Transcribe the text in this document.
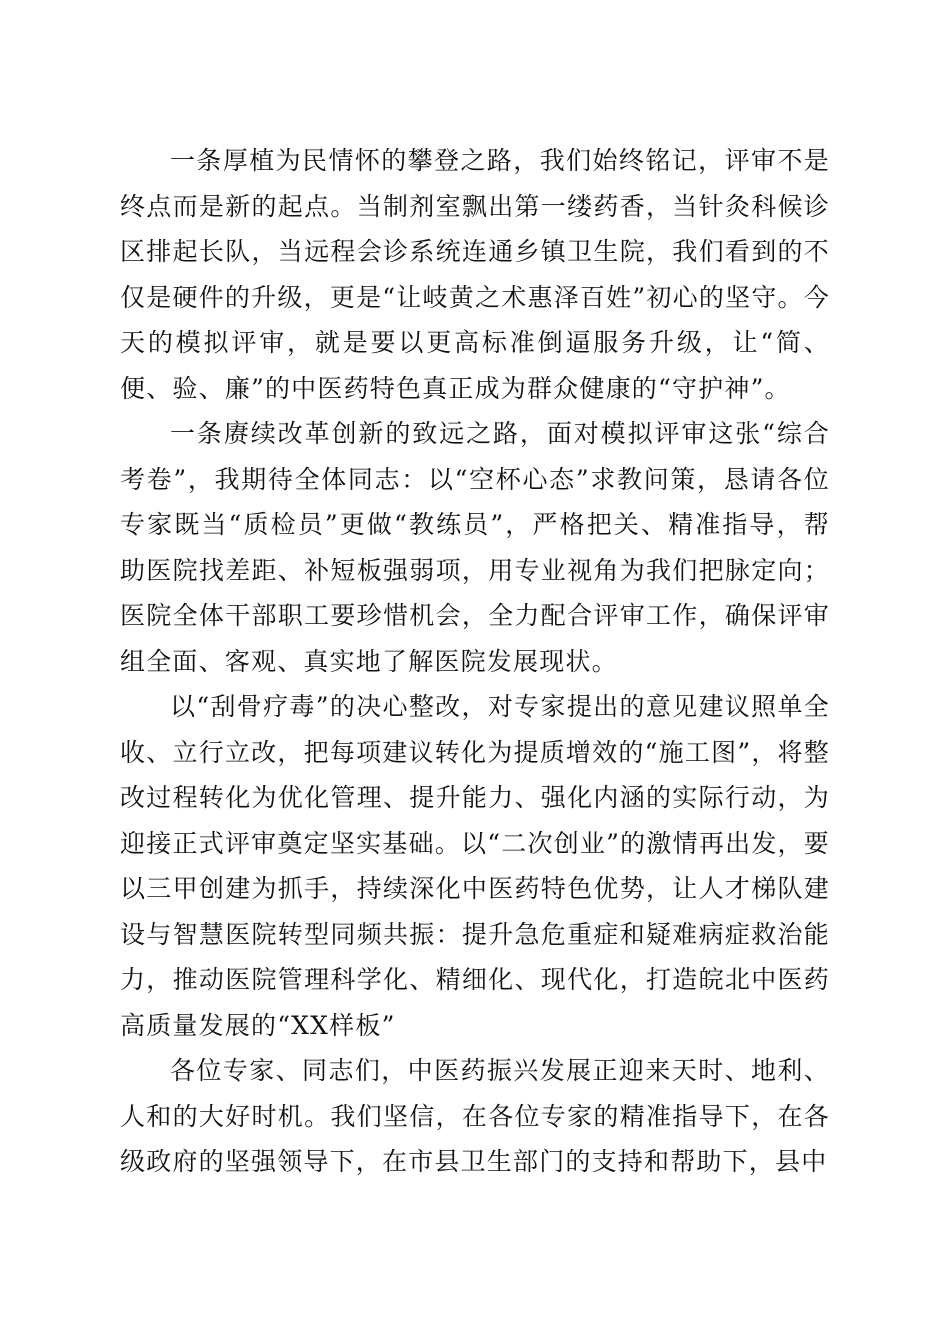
一条厚植为民情怀的攀登之路，我们始终铭记，评审不是终点而是新的起点。当制剂室飘出第一缕药香，当针灸科候诊区排起长队，当远程会诊系统连通乡镇卫生院，我们看到的不仅是硬件的升级，更是“让岐黄之术惠泽百姓”初心的坚守。今天的模拟评审，就是要以更高标准倒逼服务升级，让“简、便、验、廉”的中医药特色真正成为群众健康的“守护神”。

一条赓续改革创新的致远之路，面对模拟评审这张“综合考卷”，我期待全体同志：以“空杯心态”求教问策，恳请各位专家既当“质检员”更做“教练员”，严格把关、精准指导，帮助医院找差距、补短板强弱项，用专业视角为我们把脉定向；医院全体干部职工要珍惜机会，全力配合评审工作，确保评审组全面、客观、真实地了解医院发展现状。

以“刮骨疗毒”的决心整改，对专家提出的意见建议照单全收、立行立改，把每项建议转化为提质增效的“施工图”，将整改过程转化为优化管理、提升能力、强化内涵的实际行动，为迎接正式评审奠定坚实基础。以“二次创业”的激情再出发，要以三甲创建为抓手，持续深化中医药特色优势，让人才梯队建设与智慧医院转型同频共振：提升急危重症和疑难病症救治能力，推动医院管理科学化、精细化、现代化，打造皖北中医药高质量发展的“XX样板”

各位专家、同志们，中医药振兴发展正迎来天时、地利、人和的大好时机。我们坚信，在各位专家的精准指导下，在各级政府的坚强领导下，在市县卫生部门的支持和帮助下，县中
